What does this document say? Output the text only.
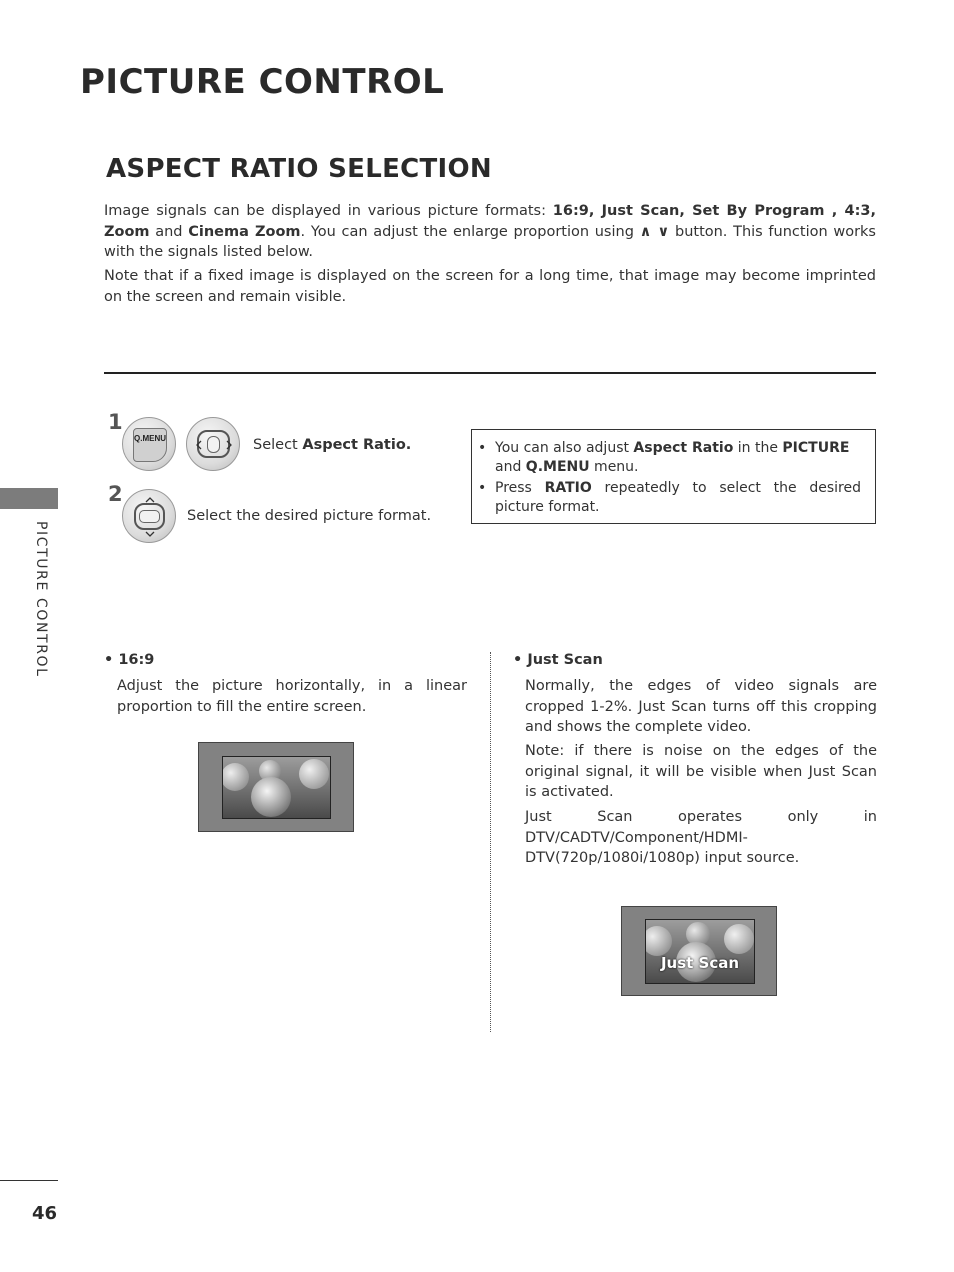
PICTURE CONTROL
ASPECT RATIO SELECTION

Image signals can be displayed in various picture formats: 16:9, Just Scan, Set By Program , 4:3, Zoom and Cinema Zoom. You can adjust the enlarge proportion using ∧ ∨ button. This function works with the signals listed below.

Note that if a fixed image is displayed on the screen for a long time, that image may become imprinted on the screen and remain visible.

1
Q.MENU	Select Aspect Ratio.
2
Select the desired picture format.

• You can also adjust Aspect Ratio in the PICTURE
and Q.MENU menu.

• Press RATIO repeatedly to select the desired picture format.

• 16:9

Adjust the picture horizontally, in a linear proportion to fill the entire screen.

• Just Scan

Normally, the edges of video signals are cropped 1-2%. Just Scan turns off this cropping and shows the complete video.

Note: if there is noise on the edges of the original signal, it will be visible when Just Scan is activated.

Just Scan operates only in DTV/CADTV/Component/HDMI-DTV(720p/1080i/1080p) input source.

Just Scan
PICTURE CONTROL
46
